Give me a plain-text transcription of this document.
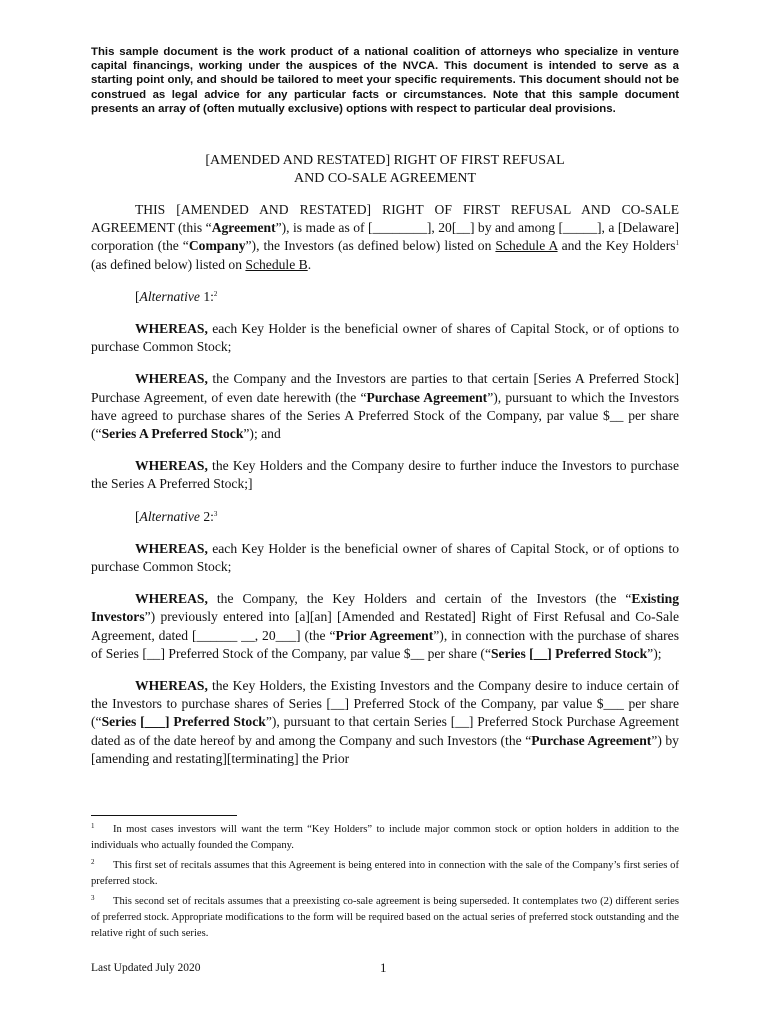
This sample document is the work product of a national coalition of attorneys who specialize in venture capital financings, working under the auspices of the NVCA. This document is intended to serve as a starting point only, and should be tailored to meet your specific requirements. This document should not be construed as legal advice for any particular facts or circumstances. Note that this sample document presents an array of (often mutually exclusive) options with respect to particular deal provisions.
[AMENDED AND RESTATED] RIGHT OF FIRST REFUSAL
AND CO-SALE AGREEMENT

THIS [AMENDED AND RESTATED] RIGHT OF FIRST REFUSAL AND CO-SALE AGREEMENT (this “Agreement”), is made as of [________], 20[__] by and among [_____], a [Delaware] corporation (the “Company”), the Investors (as defined below) listed on Schedule A and the Key Holders$^1$ (as defined below) listed on Schedule B.

[Alternative 1:$^2$

WHEREAS, each Key Holder is the beneficial owner of shares of Capital Stock, or of options to purchase Common Stock;

WHEREAS, the Company and the Investors are parties to that certain [Series A Preferred Stock] Purchase Agreement, of even date herewith (the “Purchase Agreement”), pursuant to which the Investors have agreed to purchase shares of the Series A Preferred Stock of the Company, par value $__ per share (“Series A Preferred Stock”); and

WHEREAS, the Key Holders and the Company desire to further induce the Investors to purchase the Series A Preferred Stock;]

[Alternative 2:$^3$

WHEREAS, each Key Holder is the beneficial owner of shares of Capital Stock, or of options to purchase Common Stock;

WHEREAS, the Company, the Key Holders and certain of the Investors (the “Existing Investors”) previously entered into [a][an] [Amended and Restated] Right of First Refusal and Co-Sale Agreement, dated [______ __, 20___] (the “Prior Agreement”), in connection with the purchase of shares of Series [__] Preferred Stock of the Company, par value $__ per share (“Series [__] Preferred Stock”);

WHEREAS, the Key Holders, the Existing Investors and the Company desire to induce certain of the Investors to purchase shares of Series [__] Preferred Stock of the Company, par value $___ per share (“Series [___] Preferred Stock”), pursuant to that certain Series [__] Preferred Stock Purchase Agreement dated as of the date hereof by and among the Company and such Investors (the “Purchase Agreement”) by [amending and restating][terminating] the Prior

1 In most cases investors will want the term “Key Holders” to include major common stock or option holders in addition to the individuals who actually founded the Company.
2 This first set of recitals assumes that this Agreement is being entered into in connection with the sale of the Company’s first series of preferred stock.
3 This second set of recitals assumes that a preexisting co-sale agreement is being superseded. It contemplates two (2) different series of preferred stock. Appropriate modifications to the form will be required based on the actual series of preferred stock outstanding and the relative right of such series.
Last Updated July 2020	1
